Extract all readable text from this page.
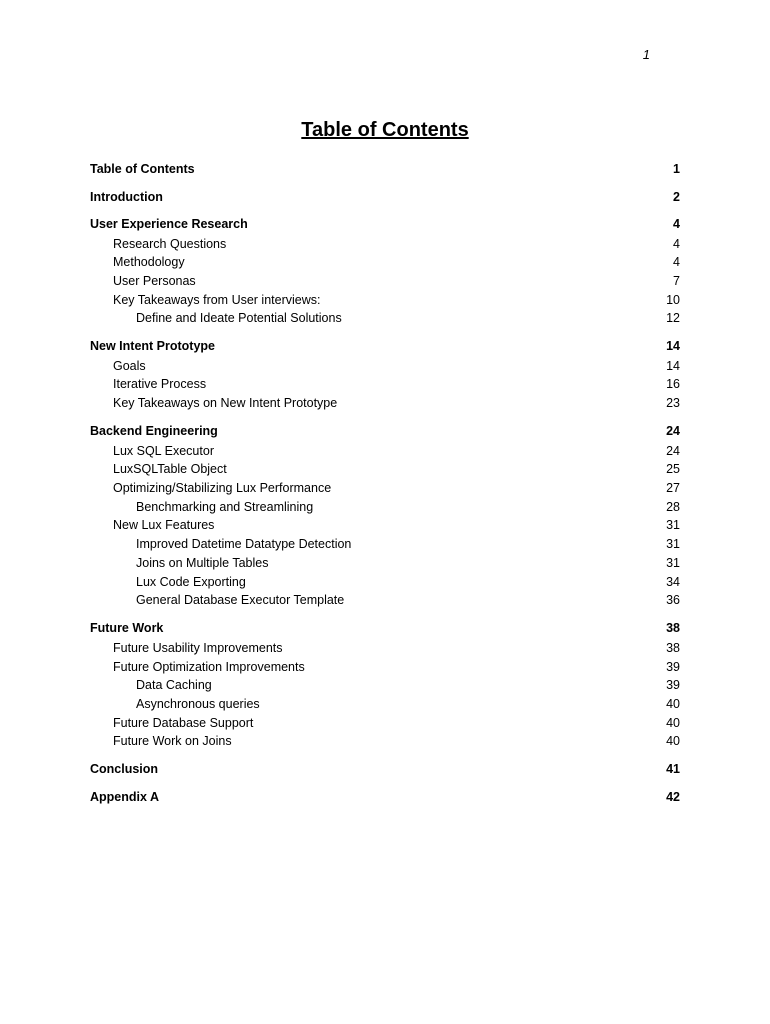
1
Table of Contents
Table of Contents	1
Introduction	2
User Experience Research	4
Research Questions	4
Methodology	4
User Personas	7
Key Takeaways from User interviews:	10
Define and Ideate Potential Solutions	12
New Intent Prototype	14
Goals	14
Iterative Process	16
Key Takeaways on New Intent Prototype	23
Backend Engineering	24
Lux SQL Executor	24
LuxSQLTable Object	25
Optimizing/Stabilizing Lux Performance	27
Benchmarking and Streamlining	28
New Lux Features	31
Improved Datetime Datatype Detection	31
Joins on Multiple Tables	31
Lux Code Exporting	34
General Database Executor Template	36
Future Work	38
Future Usability Improvements	38
Future Optimization Improvements	39
Data Caching	39
Asynchronous queries	40
Future Database Support	40
Future Work on Joins	40
Conclusion	41
Appendix A	42
